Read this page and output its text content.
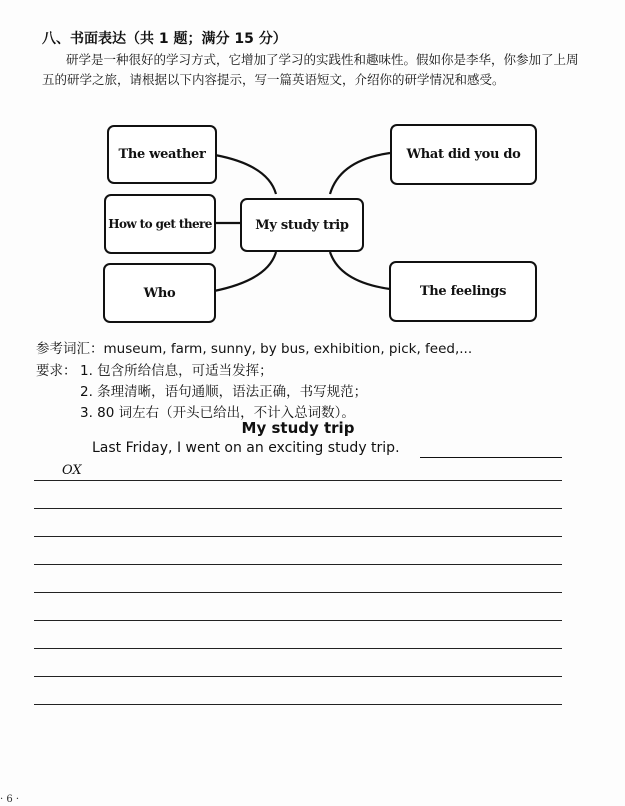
八、书面表达（共 1 题；满分 15 分）
研学是一种很好的学习方式，它增加了学习的实践性和趣味性。假如你是李华，你参加了上周五的研学之旅，请根据以下内容提示，写一篇英语短文，介绍你的研学情况和感受。
The weather
How to get there
Who
My study trip
What did you do
The feelings
参考词汇：museum, farm, sunny, by bus, exhibition, pick, feed,...
要求： 1. 包含所给信息，可适当发挥；
2. 条理清晰，语句通顺，语法正确，书写规范；
3. 80 词左右（开头已给出，不计入总词数）。
My study trip
Last Friday, I went on an exciting study trip.
OX
· 6 ·
